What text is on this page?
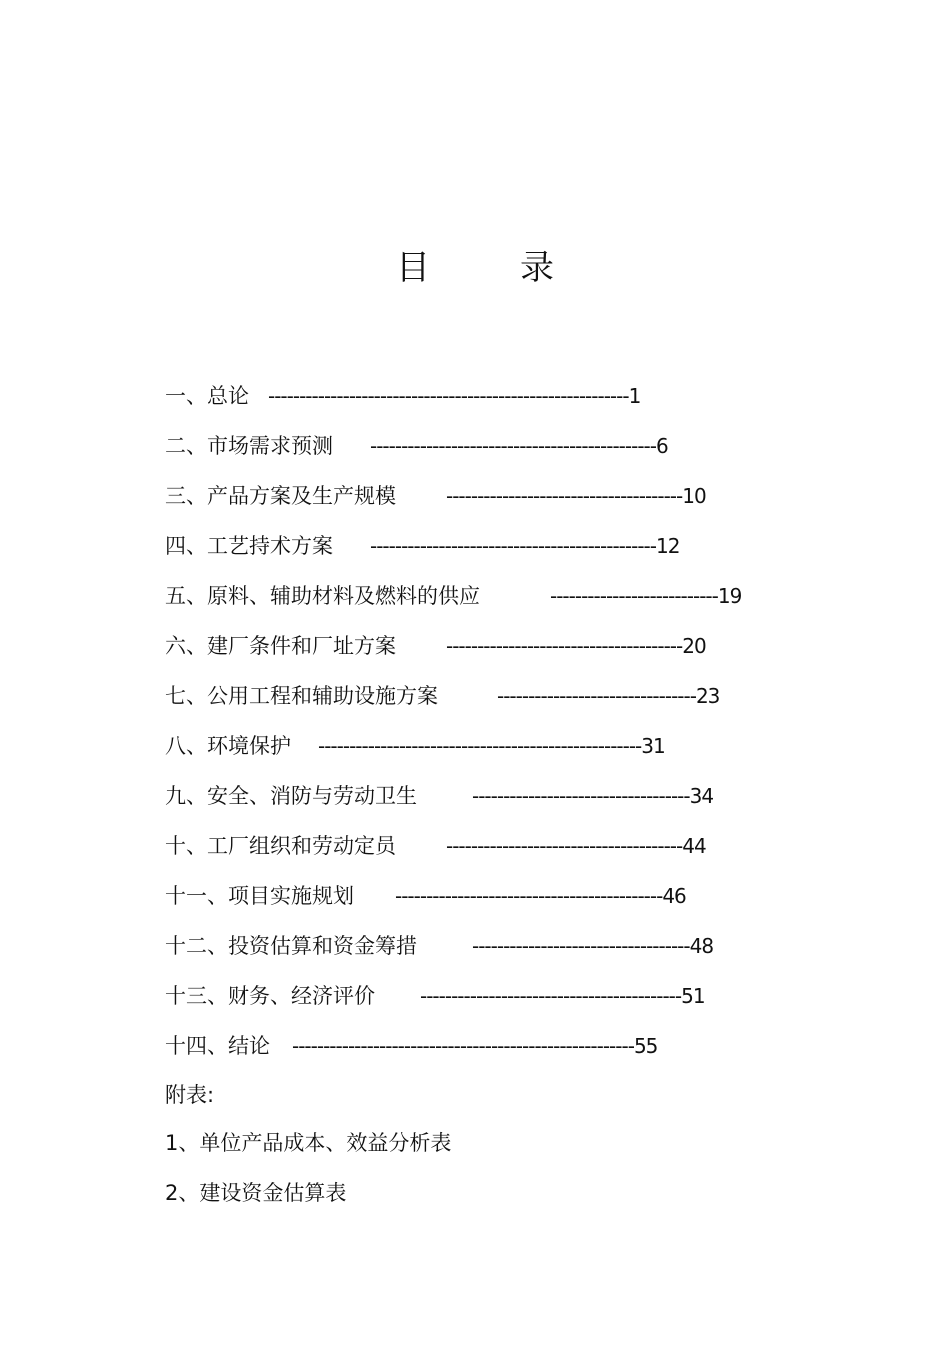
目	录
一、总论 ----------------------------------------------------------1
二、市场需求预测 ----------------------------------------------6
三、产品方案及生产规模	--------------------------------------10
四、工艺持术方案 ----------------------------------------------12
五、原料、辅助材料及燃料的供应	---------------------------19
六、建厂条件和厂址方案	--------------------------------------20
七、公用工程和辅助设施方案	--------------------------------23
八、环境保护 ----------------------------------------------------31
九、安全、消防与劳动卫生	-----------------------------------34
十、工厂组织和劳动定员	--------------------------------------44
十一、项目实施规划 -------------------------------------------46
十二、投资估算和资金筹措	-----------------------------------48
十三、财务、经济评价 ------------------------------------------51
十四、结论 -------------------------------------------------------55
附表:
1、单位产品成本、效益分析表
2、建设资金估算表
